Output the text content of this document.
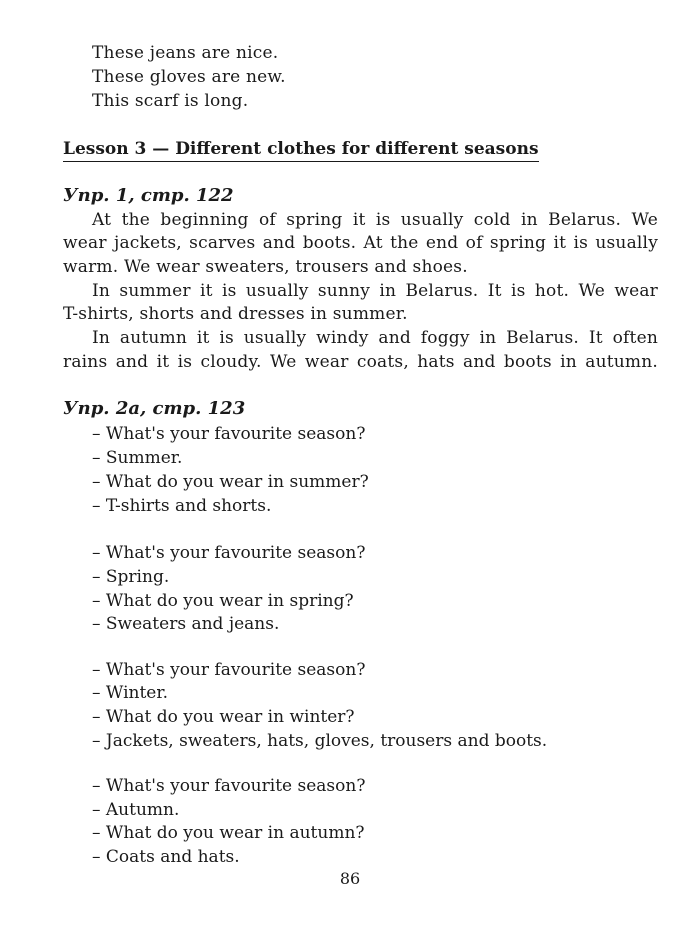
These jeans are nice.
These gloves are new.
This scarf is long.
Lesson 3 — Different clothes for different seasons
Упр. 1, стр. 122
At the beginning of spring it is usually cold in Belarus. We
wear jackets, scarves and boots. At the end of spring it is usually
warm. We wear sweaters, trousers and shoes.
In summer it is usually sunny in Belarus. It is hot. We wear
T-shirts, shorts and dresses in summer.
In autumn it is usually windy and foggy in Belarus. It often
rains and it is cloudy. We wear coats, hats and boots in autumn.
Упр. 2a, стр. 123
– What's your favourite season?
– Summer.
– What do you wear in summer?
– T-shirts and shorts.
– What's your favourite season?
– Spring.
– What do you wear in spring?
– Sweaters and jeans.
– What's your favourite season?
– Winter.
– What do you wear in winter?
– Jackets, sweaters, hats, gloves, trousers and boots.
– What's your favourite season?
– Autumn.
– What do you wear in autumn?
– Coats and hats.
86
